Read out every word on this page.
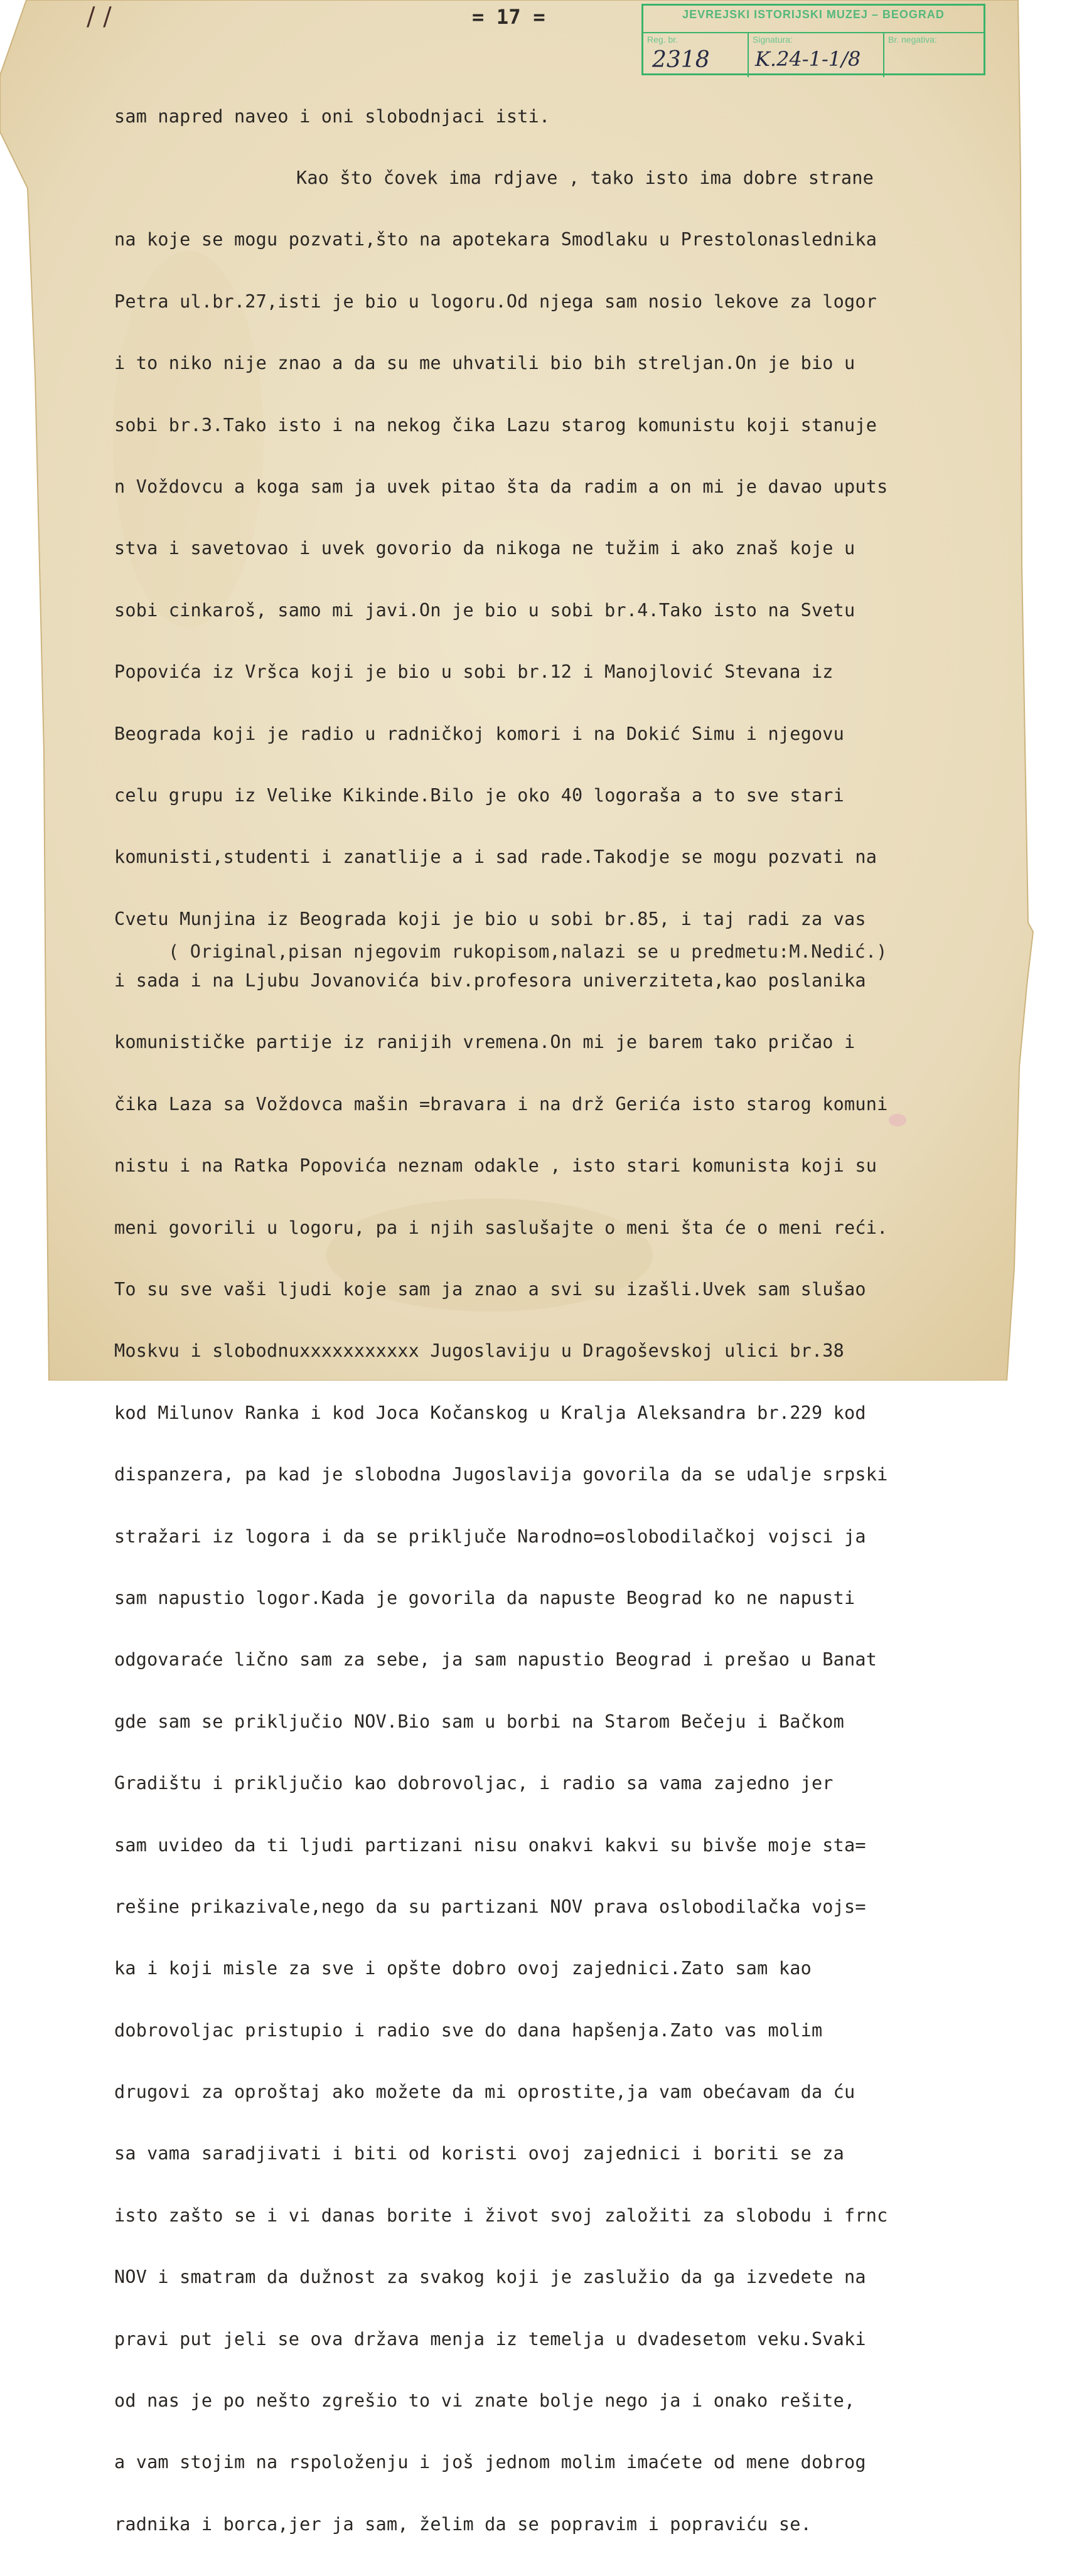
/ /	= 17 =	JEVREJSKI ISTORIJSKI MUZEJ – BEOGRAD
Reg. br.
2318
Signatura:
K.24-1-1/8
Br. negativa:

sam napred naveo i oni slobodnjaci isti.

Kao što čovek ima rdjave , tako isto ima dobre strane

na koje se mogu pozvati,što na apotekara Smodlaku u Prestolonaslednika

Petra ul.br.27,isti je bio u logoru.Od njega sam nosio lekove za logor

i to niko nije znao a da su me uhvatili bio bih streljan.On je bio u

sobi br.3.Tako isto i na nekog čika Lazu starog komunistu koji stanuje

n Voždovcu a koga sam ja uvek pitao šta da radim a on mi je davao uputs

stva i savetovao i uvek govorio da nikoga ne tužim i ako znaš koje u

sobi cinkaroš, samo mi javi.On je bio u sobi br.4.Tako isto na Svetu

Popovića iz Vršca koji je bio u sobi br.12 i Manojlović Stevana iz

Beograda koji je radio u radničkoj komori i na Dokić Simu i njegovu

celu grupu iz Velike Kikinde.Bilo je oko 40 logoraša a to sve stari

komunisti,studenti i zanatlije a i sad rade.Takodje se mogu pozvati na

Cvetu Munjina iz Beograda koji je bio u sobi br.85, i taj radi za vas

i sada i na Ljubu Jovanovića biv.profesora univerziteta,kao poslanika

komunističke partije iz ranijih vremena.On mi je barem tako pričao i

čika Laza sa Voždovca mašin =bravara i na drž Gerića isto starog komuni

nistu i na Ratka Popovića neznam odakle , isto stari komunista koji su

meni govorili u logoru, pa i njih saslušajte o meni šta će o meni reći.

To su sve vaši ljudi koje sam ja znao a svi su izašli.Uvek sam slušao

Moskvu i slobodnuxxxxxxxxxxx Jugoslaviju u Dragoševskoj ulici br.38

kod Milunov Ranka i kod Joca Kočanskog u Kralja Aleksandra br.229 kod

dispanzera, pa kad je slobodna Jugoslavija govorila da se udalje srpski

stražari iz logora i da se priključe Narodno=oslobodilačkoj vojsci ja

sam napustio logor.Kada je govorila da napuste Beograd ko ne napusti

odgovaraće lično sam za sebe, ja sam napustio Beograd i prešao u Banat

gde sam se priključio NOV.Bio sam u borbi na Starom Bečeju i Bačkom

Gradištu i priključio kao dobrovoljac, i radio sa vama zajedno jer

sam uvideo da ti ljudi partizani nisu onakvi kakvi su bivše moje sta=

rešine prikazivale,nego da su partizani NOV prava oslobodilačka vojs=

ka i koji misle za sve i opšte dobro ovoj zajednici.Zato sam kao

dobrovoljac pristupio i radio sve do dana hapšenja.Zato vas molim

drugovi za oproštaj ako možete da mi oprostite,ja vam obećavam da ću

sa vama saradjivati i biti od koristi ovoj zajednici i boriti se za

isto zašto se i vi danas borite i život svoj založiti za slobodu i frnc

NOV i smatram da dužnost za svakog koji je zaslužio da ga izvedete na

pravi put jeli se ova država menja iz temelja u dvadesetom veku.Svaki

od nas je po nešto zgrešio to vi znate bolje nego ja i onako rešite,

a vam stojim na rspoloženju i još jednom molim imaćete od mene dobrog

radnika i borca,jer ja sam, želim da se popravim i popraviću se.

( Original,pisan njegovim rukopisom,nalazi se u predmetu:M.Nedić.)
